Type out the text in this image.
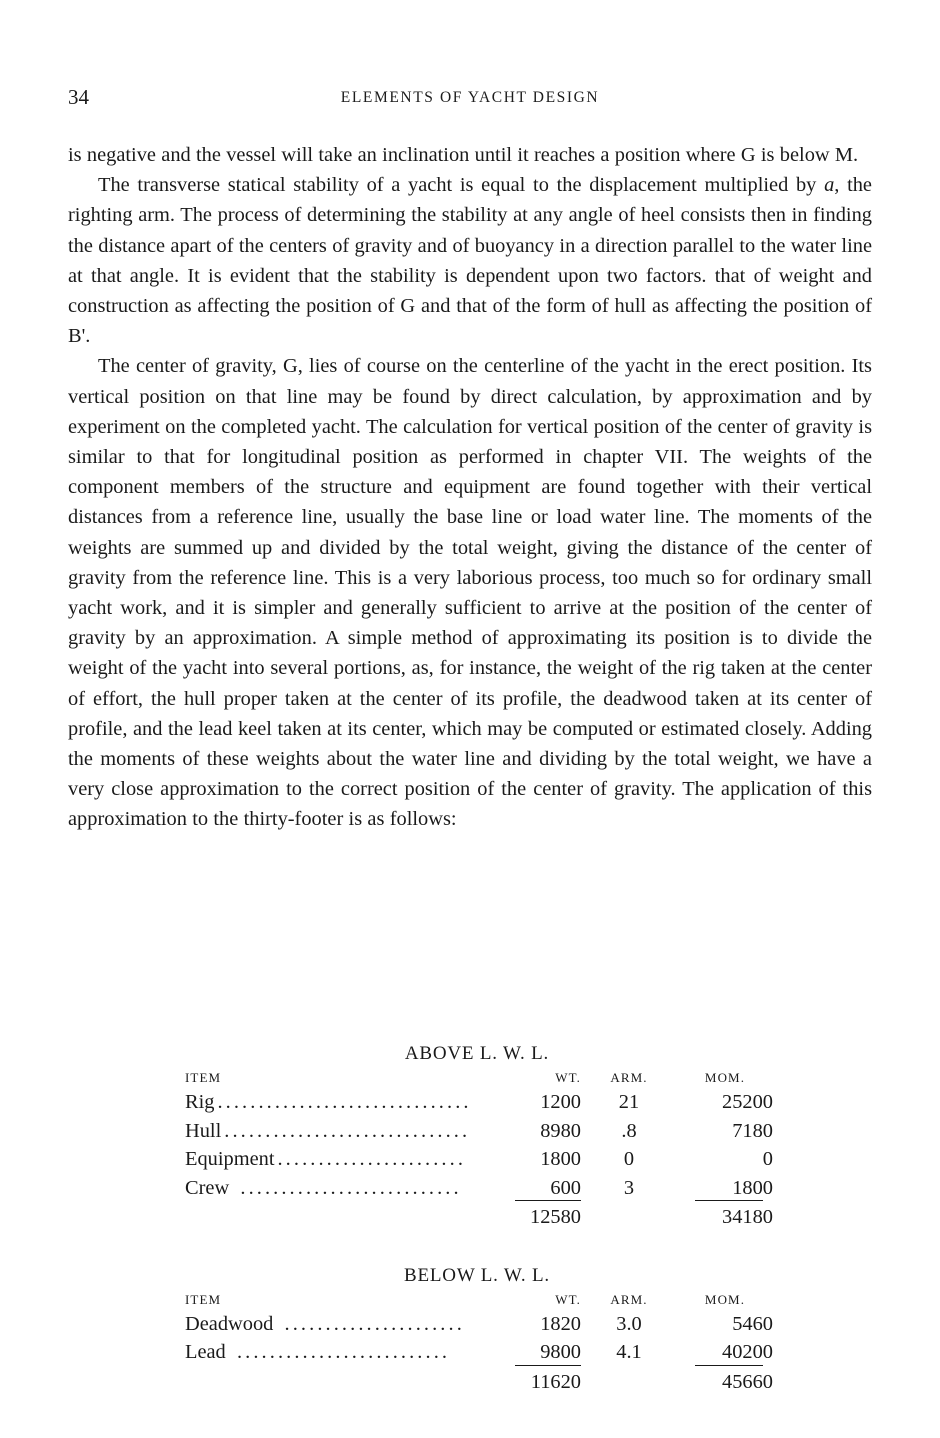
34	ELEMENTS OF YACHT DESIGN

is negative and the vessel will take an inclination until it reaches a position where G is below M.

The transverse statical stability of a yacht is equal to the displacement multiplied by a, the righting arm. The process of determining the stability at any angle of heel consists then in finding the distance apart of the centers of gravity and of buoyancy in a direction parallel to the water line at that angle. It is evident that the stability is dependent upon two factors. that of weight and construction as affecting the position of G and that of the form of hull as affecting the position of B'.

The center of gravity, G, lies of course on the centerline of the yacht in the erect position. Its vertical position on that line may be found by direct calculation, by approximation and by experiment on the completed yacht. The calculation for vertical position of the center of gravity is similar to that for longitudinal position as performed in chapter VII. The weights of the component members of the structure and equipment are found together with their vertical distances from a reference line, usually the base line or load water line. The moments of the weights are summed up and divided by the total weight, giving the distance of the center of gravity from the reference line. This is a very laborious process, too much so for ordinary small yacht work, and it is simpler and generally sufficient to arrive at the position of the center of gravity by an approximation. A simple method of approximating its position is to divide the weight of the yacht into several portions, as, for instance, the weight of the rig taken at the center of effort, the hull proper taken at the center of its profile, the deadwood taken at its center of profile, and the lead keel taken at its center, which may be computed or estimated closely. Adding the moments of these weights about the water line and dividing by the total weight, we have a very close approximation to the correct position of the center of gravity. The application of this approximation to the thirty-footer is as follows:

ABOVE L. W. L.
ITEM	WT.	ARM.	MOM.
Rig ...............................	1200	21	25200
Hull ..............................	8980	.8	7180
Equipment .......................	1800	0	0
Crew ...........................	600	3	1800
	12580		34180
BELOW L. W. L.
ITEM	WT.	ARM.	MOM.
Deadwood ......................	1820	3.0	5460
Lead ..........................	9800	4.1	40200
	11620		45660
